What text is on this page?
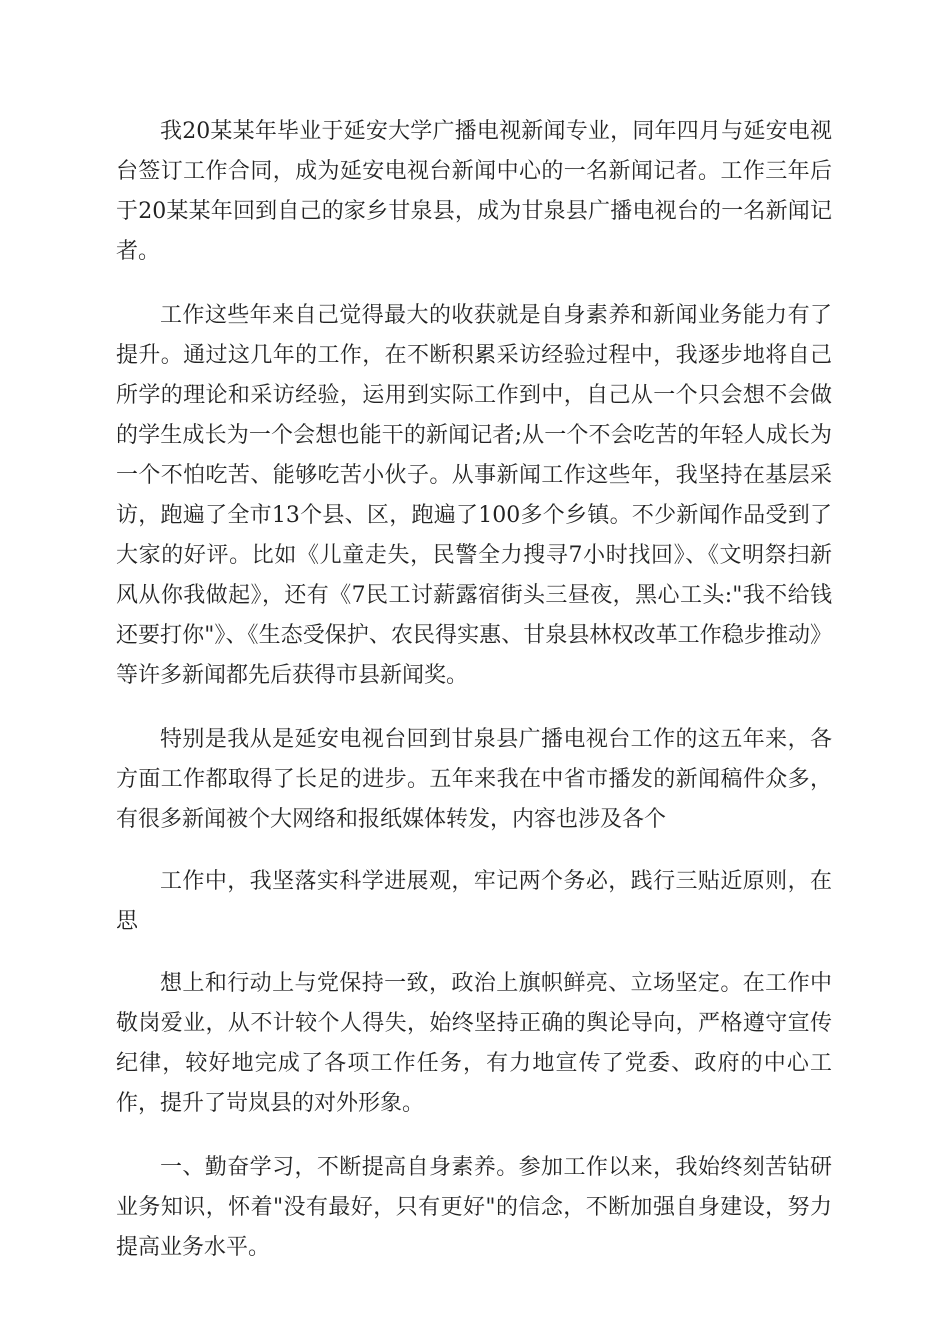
我20某某年毕业于延安大学广播电视新闻专业，同年四月与延安电视台签订工作合同，成为延安电视台新闻中心的一名新闻记者。工作三年后于20某某年回到自己的家乡甘泉县，成为甘泉县广播电视台的一名新闻记者。

工作这些年来自己觉得最大的收获就是自身素养和新闻业务能力有了提升。通过这几年的工作，在不断积累采访经验过程中，我逐步地将自己所学的理论和采访经验，运用到实际工作到中，自己从一个只会想不会做的学生成长为一个会想也能干的新闻记者;从一个不会吃苦的年轻人成长为一个不怕吃苦、能够吃苦小伙子。从事新闻工作这些年，我坚持在基层采访，跑遍了全市13个县、区，跑遍了100多个乡镇。不少新闻作品受到了大家的好评。比如《儿童走失，民警全力搜寻7小时找回》、《文明祭扫新风从你我做起》，还有《7民工讨薪露宿街头三昼夜，黑心工头:"我不给钱还要打你"》、《生态受保护、农民得实惠、甘泉县林权改革工作稳步推动》等许多新闻都先后获得市县新闻奖。

特别是我从是延安电视台回到甘泉县广播电视台工作的这五年来，各方面工作都取得了长足的进步。五年来我在中省市播发的新闻稿件众多，有很多新闻被个大网络和报纸媒体转发，内容也涉及各个

工作中，我坚落实科学进展观，牢记两个务必，践行三贴近原则，在思

想上和行动上与党保持一致，政治上旗帜鲜亮、立场坚定。在工作中敬岗爱业，从不计较个人得失，始终坚持正确的舆论导向，严格遵守宣传纪律，较好地完成了各项工作任务，有力地宣传了党委、政府的中心工作，提升了岢岚县的对外形象。

一、勤奋学习，不断提高自身素养。参加工作以来，我始终刻苦钻研业务知识，怀着"没有最好，只有更好"的信念，不断加强自身建设，努力提高业务水平。
